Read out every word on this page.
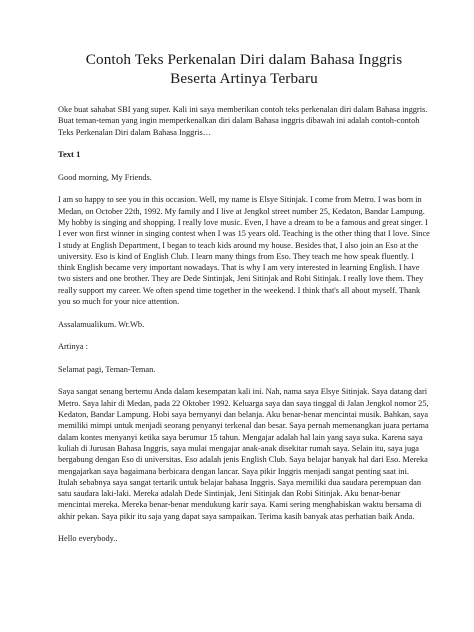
Contoh Teks Perkenalan Diri dalam Bahasa Inggris
Beserta Artinya Terbaru

Oke buat sahabat SBI yang super. Kali ini saya memberikan contoh teks perkenalan diri dalam Bahasa inggris. Buat teman-teman yang ingin memperkenalkan diri dalam Bahasa inggris dibawah ini adalah contoh-contoh Teks Perkenalan Diri dalam Bahasa Inggris…

Text 1

Good morning, My Friends.

I am so happy to see you in this occasion. Well, my name is Elsye Sitinjak. I come from Metro. I was born in Medan, on October 22th, 1992. My family and I live at Jengkol street number 25, Kedaton, Bandar Lampung. My hobby is singing and shopping. I really love music. Even, I have a dream to be a famous and great singer. I I ever won first winner in singing contest when I was 15 years old. Teaching is the other thing that I love. Since I study at English Department, I began to teach kids around my house. Besides that, I also join an Eso at the university. Eso is kind of English Club. I learn many things from Eso. They teach me how speak fluently. I think English became very important nowadays. That is why I am very interested in learning English. I have two sisters and one brother. They are Dede Sintinjak, Jeni Sitinjak and Robi Sitinjak. I really love them. They really support my career. We often spend time together in the weekend. I think that's all about myself. Thank you so much for your nice attention.

Assalamualikum. Wr.Wb.

Artinya :

Selamat pagi, Teman-Teman.

Saya sangat senang bertemu Anda dalam kesempatan kali ini. Nah, nama saya Elsye Sitinjak. Saya datang dari Metro. Saya lahir di Medan, pada 22 Oktober 1992. Keluarga saya dan saya tinggal di Jalan Jengkol nomor 25, Kedaton, Bandar Lampung. Hobi saya bernyanyi dan belanja. Aku benar-benar mencintai musik. Bahkan, saya memiliki mimpi untuk menjadi seorang penyanyi terkenal dan besar. Saya pernah memenangkan juara pertama dalam kontes menyanyi ketika saya berumur 15 tahun. Mengajar adalah hal lain yang saya suka. Karena saya kuliah di Jurusan Bahasa Inggris, saya mulai mengajar anak-anak disekitar rumah saya. Selain itu, saya juga bergabung dengan Eso di universitas. Eso adalah jenis English Club. Saya belajar banyak hal dari Eso. Mereka mengajarkan saya bagaimana berbicara dengan lancar. Saya pikir Inggris menjadi sangat penting saat ini. Itulah sebabnya saya sangat tertarik untuk belajar bahasa Inggris. Saya memiliki dua saudara perempuan dan satu saudara laki-laki. Mereka adalah Dede Sintinjak, Jeni Sitinjak dan Robi Sitinjak. Aku benar-benar mencintai mereka. Mereka benar-benar mendukung karir saya. Kami sering menghabiskan waktu bersama di akhir pekan. Saya pikir itu saja yang dapat saya sampaikan. Terima kasih banyak atas perhatian baik Anda.

Hello everybody..
